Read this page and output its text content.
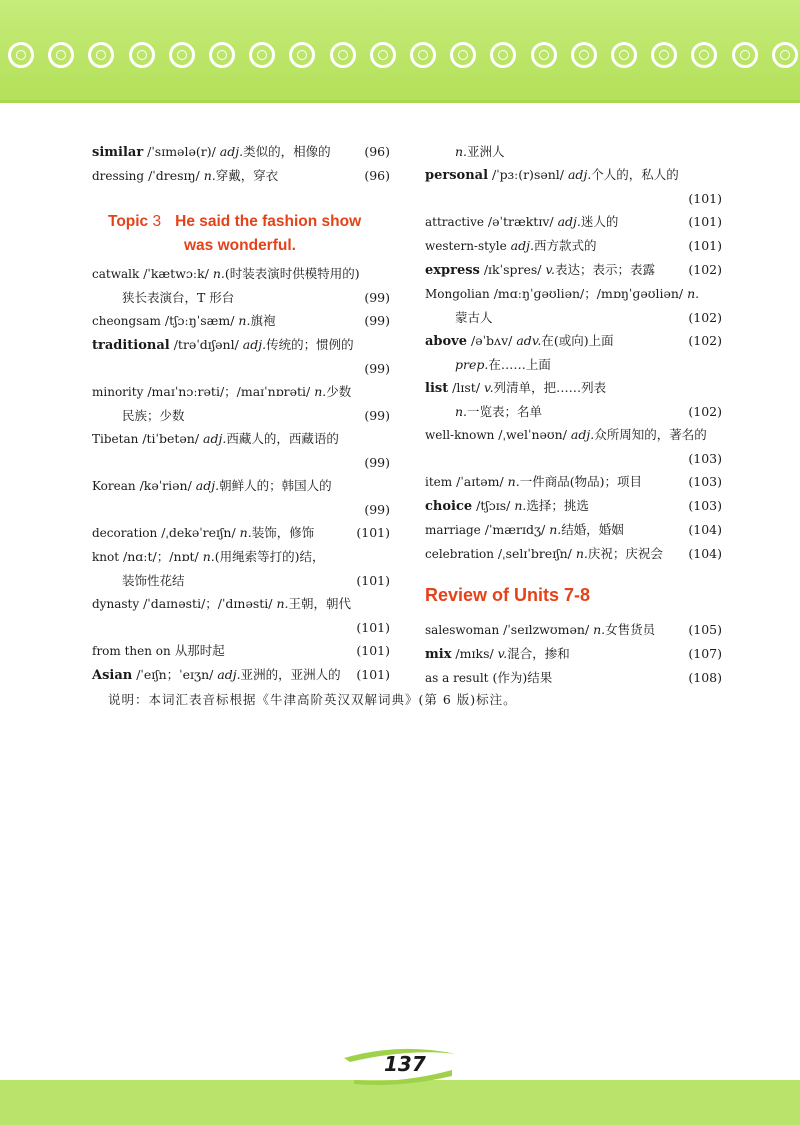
similar /ˈsɪmələ(r)/ adj.类似的，相像的	(96)
dressing /ˈdresɪŋ/ n.穿戴，穿衣	(96)
Topic 3 He said the fashion show
was wonderful.
catwalk /ˈkætwɔːk/ n.(时装表演时供模特用的)
狭长表演台，T 形台	(99)
cheongsam /tʃɔːŋˈsæm/ n.旗袍	(99)
traditional /trəˈdɪʃənl/ adj.传统的；惯例的
(99)
minority /maɪˈnɔːrəti/；/maɪˈnɒrəti/ n.少数
民族；少数	(99)
Tibetan /tiˈbetən/ adj.西藏人的，西藏语的
(99)
Korean /kəˈriən/ adj.朝鲜人的；韩国人的
(99)
decoration /ˌdekəˈreɪʃn/ n.装饰，修饰	(101)
knot /nɑːt/；/nɒt/ n.(用绳索等打的)结，
装饰性花结	(101)
dynasty /ˈdaɪnəsti/；/ˈdɪnəsti/ n.王朝，朝代
(101)
from then on 从那时起	(101)
Asian /ˈeɪʃn；ˈeɪʒn/ adj.亚洲的，亚洲人的 (101)
n.亚洲人
personal /ˈpɜː(r)sənl/ adj.个人的，私人的
(101)
attractive /əˈtræktɪv/ adj.迷人的	(101)
western-style adj.西方款式的	(101)
express /ɪkˈspres/ v.表达；表示；表露	(102)
Mongolian /mɑːŋˈɡəʊliən/；/mɒŋˈɡəʊliən/ n.
蒙古人	(102)
above /əˈbʌv/ adv.在(或向)上面	(102)
prep.在……上面
list /lɪst/ v.列清单，把……列表
n.一览表；名单	(102)
well-known /ˌwelˈnəʊn/ adj.众所周知的，著名的
(103)
item /ˈaɪtəm/ n.一件商品(物品)；项目	(103)
choice /tʃɔɪs/ n.选择；挑选	(103)
marriage /ˈmærɪdʒ/ n.结婚，婚姻	(104)
celebration /ˌselɪˈbreɪʃn/ n.庆祝；庆祝会 (104)
Review of Units 7-8
saleswoman /ˈseɪlzwʊmən/ n.女售货员	(105)
mix /mɪks/ v.混合，掺和	(107)
as a result (作为)结果	(108)
说明：本词汇表音标根据《牛津高阶英汉双解词典》(第 6 版)标注。
137
